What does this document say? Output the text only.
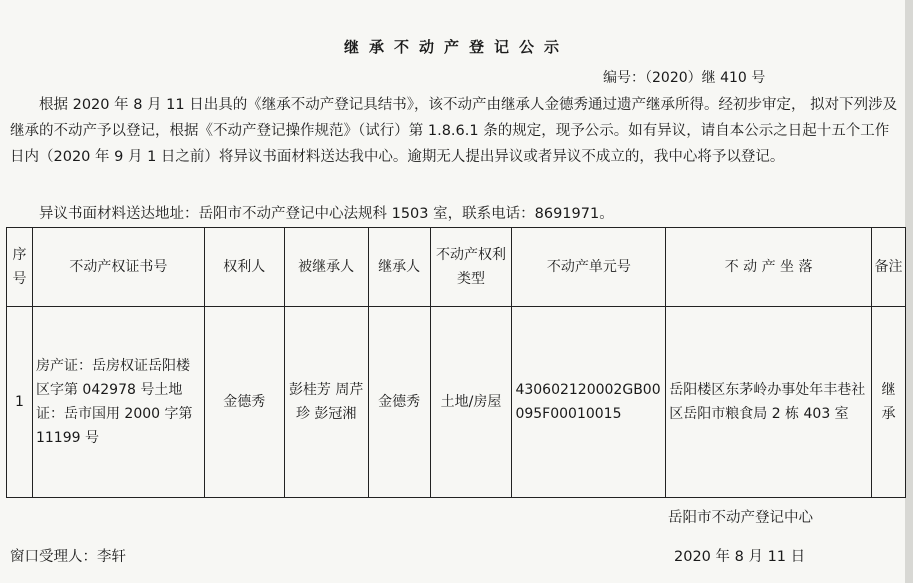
继承不动产登记公示
编号：（2020）继 410 号

根据 2020 年 8 月 11 日出具的《继承不动产登记具结书》，该不动产由继承人金德秀通过遗产继承所得。经初步审定， 拟对下列涉及继承的不动产予以登记，根据《不动产登记操作规范》（试行）第 1.8.6.1 条的规定，现予公示。如有异议，请自本公示之日起十五个工作日内（2020 年 9 月 1 日之前）将异议书面材料送达我中心。逾期无人提出异议或者异议不成立的，我中心将予以登记。

异议书面材料送达地址：岳阳市不动产登记中心法规科 1503 室，联系电话：8691971。
序号	不动产权证书号	权利人	被继承人	继承人	不动产权利类型	不动产单元号	不 动 产 坐 落	备注
1	房产证：岳房权证岳阳楼区字第 042978 号土地证：岳市国用 2000 字第 11199 号	金德秀	彭桂芳 周芹珍 彭冠湘	金德秀	土地/房屋	430602120002GB00095F00010015	岳阳楼区东茅岭办事处年丰巷社区岳阳市粮食局 2 栋 403 室	继承
岳阳市不动产登记中心
窗口受理人：李轩	2020 年 8 月 11 日
